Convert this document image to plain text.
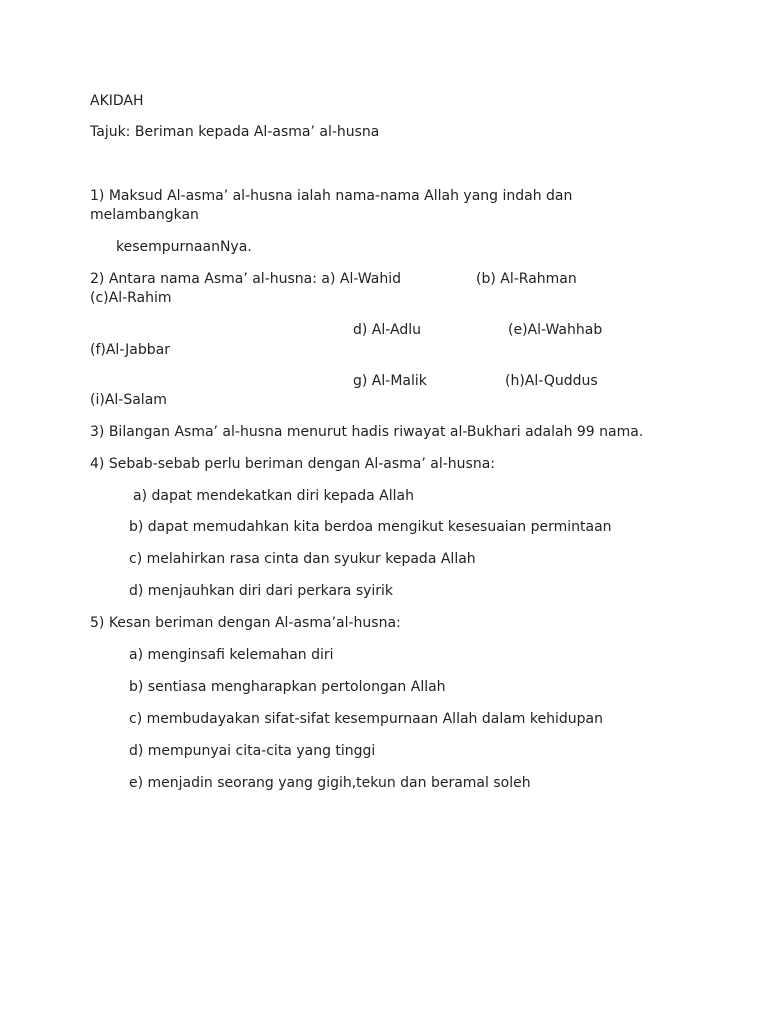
AKIDAH
Tajuk: Beriman kepada Al-asma’ al-husna
1) Maksud Al-asma’ al-husna ialah nama-nama Allah yang indah dan
melambangkan
kesempurnaanNya.
2) Antara nama Asma’ al-husna: a) Al-Wahid	(b) Al-Rahman
(c)Al-Rahim
d) Al-Adlu	(e)Al-Wahhab
(f)Al-Jabbar
g) Al-Malik	(h)Al-Quddus
(i)Al-Salam
3) Bilangan Asma’ al-husna menurut hadis riwayat al-Bukhari adalah 99 nama.
4) Sebab-sebab perlu beriman dengan Al-asma’ al-husna:
a) dapat mendekatkan diri kepada Allah
b) dapat memudahkan kita berdoa mengikut kesesuaian permintaan
c) melahirkan rasa cinta dan syukur kepada Allah
d) menjauhkan diri dari perkara syirik
5) Kesan beriman dengan Al-asma’al-husna:
a) menginsafi kelemahan diri
b) sentiasa mengharapkan pertolongan Allah
c) membudayakan sifat-sifat kesempurnaan Allah dalam kehidupan
d) mempunyai cita-cita yang tinggi
e) menjadin seorang yang gigih,tekun dan beramal soleh
